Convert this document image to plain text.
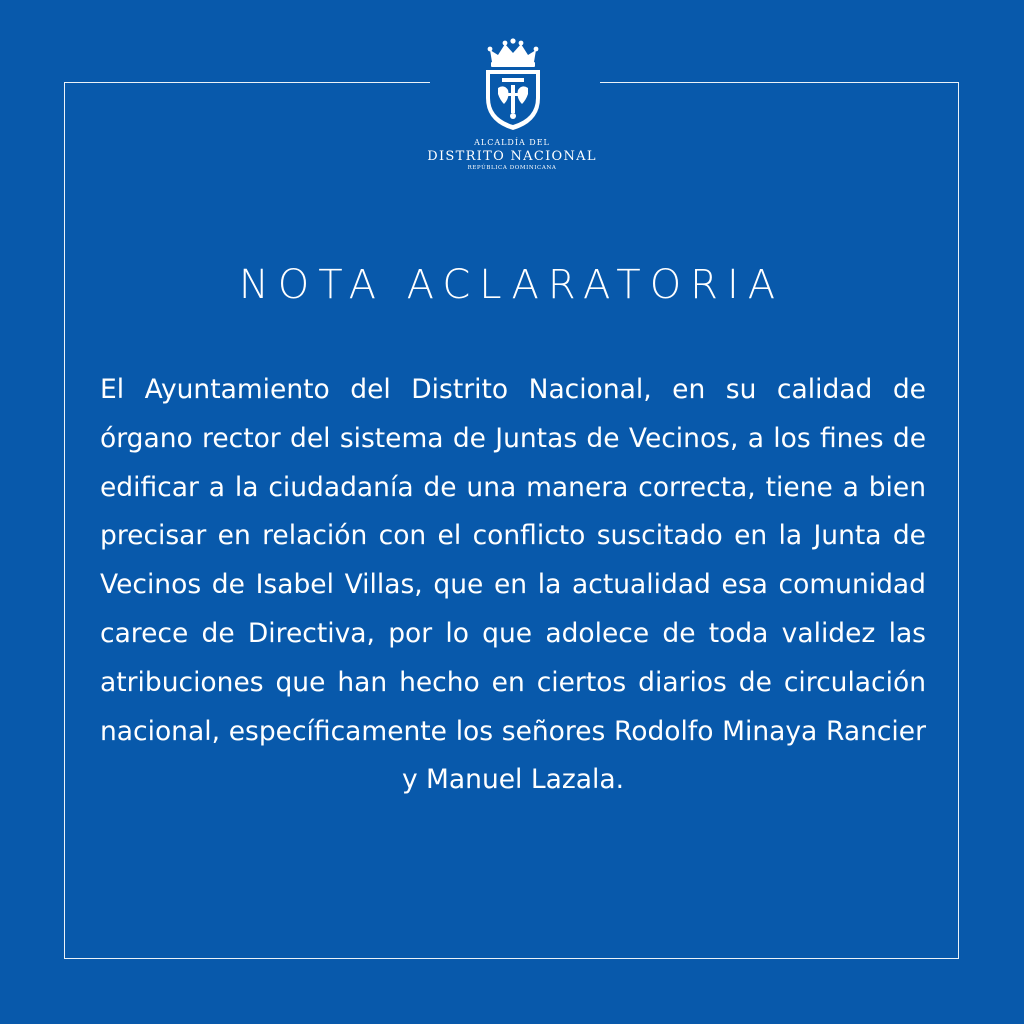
ALCALDÍA DEL
DISTRITO NACIONAL
REPÚBLICA DOMINICANA
NOTA ACLARATORIA
El Ayuntamiento del Distrito Nacional, en su calidad de órgano rector del sistema de Juntas de Vecinos, a los fines de edificar a la ciudadanía de una manera correcta, tiene a bien precisar en relación con el conflicto suscitado en la Junta de Vecinos de Isabel Villas, que en la actualidad esa comunidad carece de Directiva, por lo que adolece de toda validez las atribuciones que han hecho en ciertos diarios de circulación nacional, específicamente los señores Rodolfo Minaya Rancier y Manuel Lazala.
